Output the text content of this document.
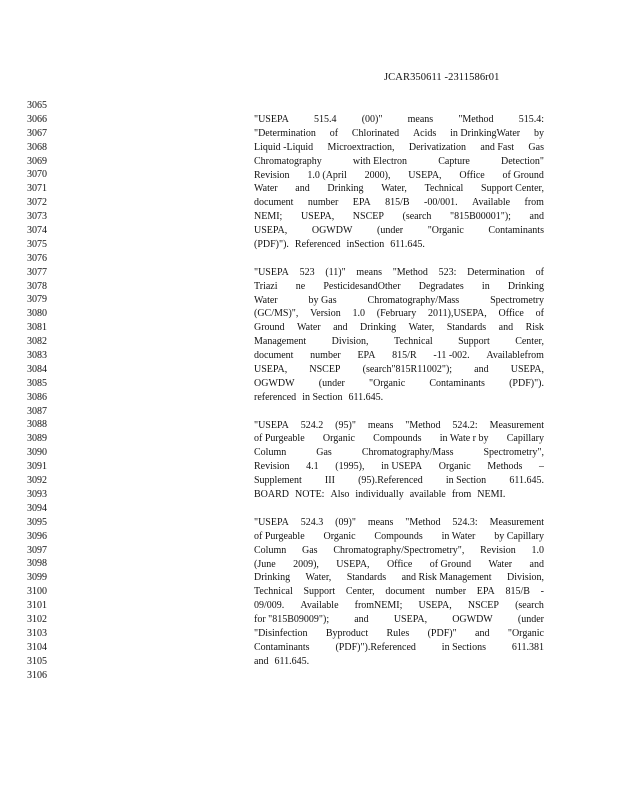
JCAR350611 -2311586r01
3065
3066
3067
3068
3069
3070
3071
3072
3073
3074
3075
3076
3077
3078
3079
3080
3081
3082
3083
3084
3085
3086
3087
3088
3089
3090
3091
3092
3093
3094
3095
3096
3097
3098
3099
3100
3101
3102
3103
3104
3105
3106
"USEPA	515.4	(00)"	means	"Method	515.4:
"Determination of Chlorinated Acids in DrinkingWater by
Liquid -Liquid Microextraction, Derivatization and Fast Gas
Chromatography	with Electron	Capture	Detection"
Revision 1.0 (April 2000), USEPA, Office of Ground
Water and Drinking Water, Technical Support Center,
document number EPA 815/B -00/001. Available from
NEMI; USEPA, NSCEP (search "815B00001"); and
USEPA, OGWDW (under "Organic Contaminants
(PDF)"). Referenced inSection 611.645.
"USEPA 523 (11)" means "Method 523: Determination of
Triazi ne PesticidesandOther Degradates in Drinking
Water	by Gas	Chromatography/Mass	Spectrometry
(GC/MS)", Version 1.0 (February 2011),USEPA, Office of
Ground Water and Drinking Water, Standards and Risk
Management	Division,	Technical	Support	Center,
document number EPA 815/R -11 -002. Availablefrom
USEPA, NSCEP (search"815R11002"); and USEPA,
OGWDW (under "Organic Contaminants (PDF)").
referenced in Section 611.645.
"USEPA 524.2 (95)" means "Method 524.2: Measurement
of Purgeable Organic Compounds in Wate r by Capillary
Column	Gas	Chromatography/Mass	Spectrometry",
Revision 4.1 (1995), in USEPA Organic Methods –
Supplement III (95).Referenced in Section 611.645.
BOARD NOTE: Also individually available from NEMI.
"USEPA 524.3 (09)" means "Method 524.3: Measurement
of Purgeable Organic Compounds in Water by Capillary
Column Gas Chromatography/Spectrometry", Revision 1.0
(June 2009), USEPA, Office of Ground Water and
Drinking Water, Standards and Risk Management Division,
Technical Support Center, document number EPA 815/B -
09/009. Available fromNEMI; USEPA, NSCEP (search
for "815B09009");	and	USEPA,	OGWDW	(under
"Disinfection Byproduct Rules (PDF)" and "Organic
Contaminants	(PDF)").Referenced	in Sections	611.381
and 611.645.
